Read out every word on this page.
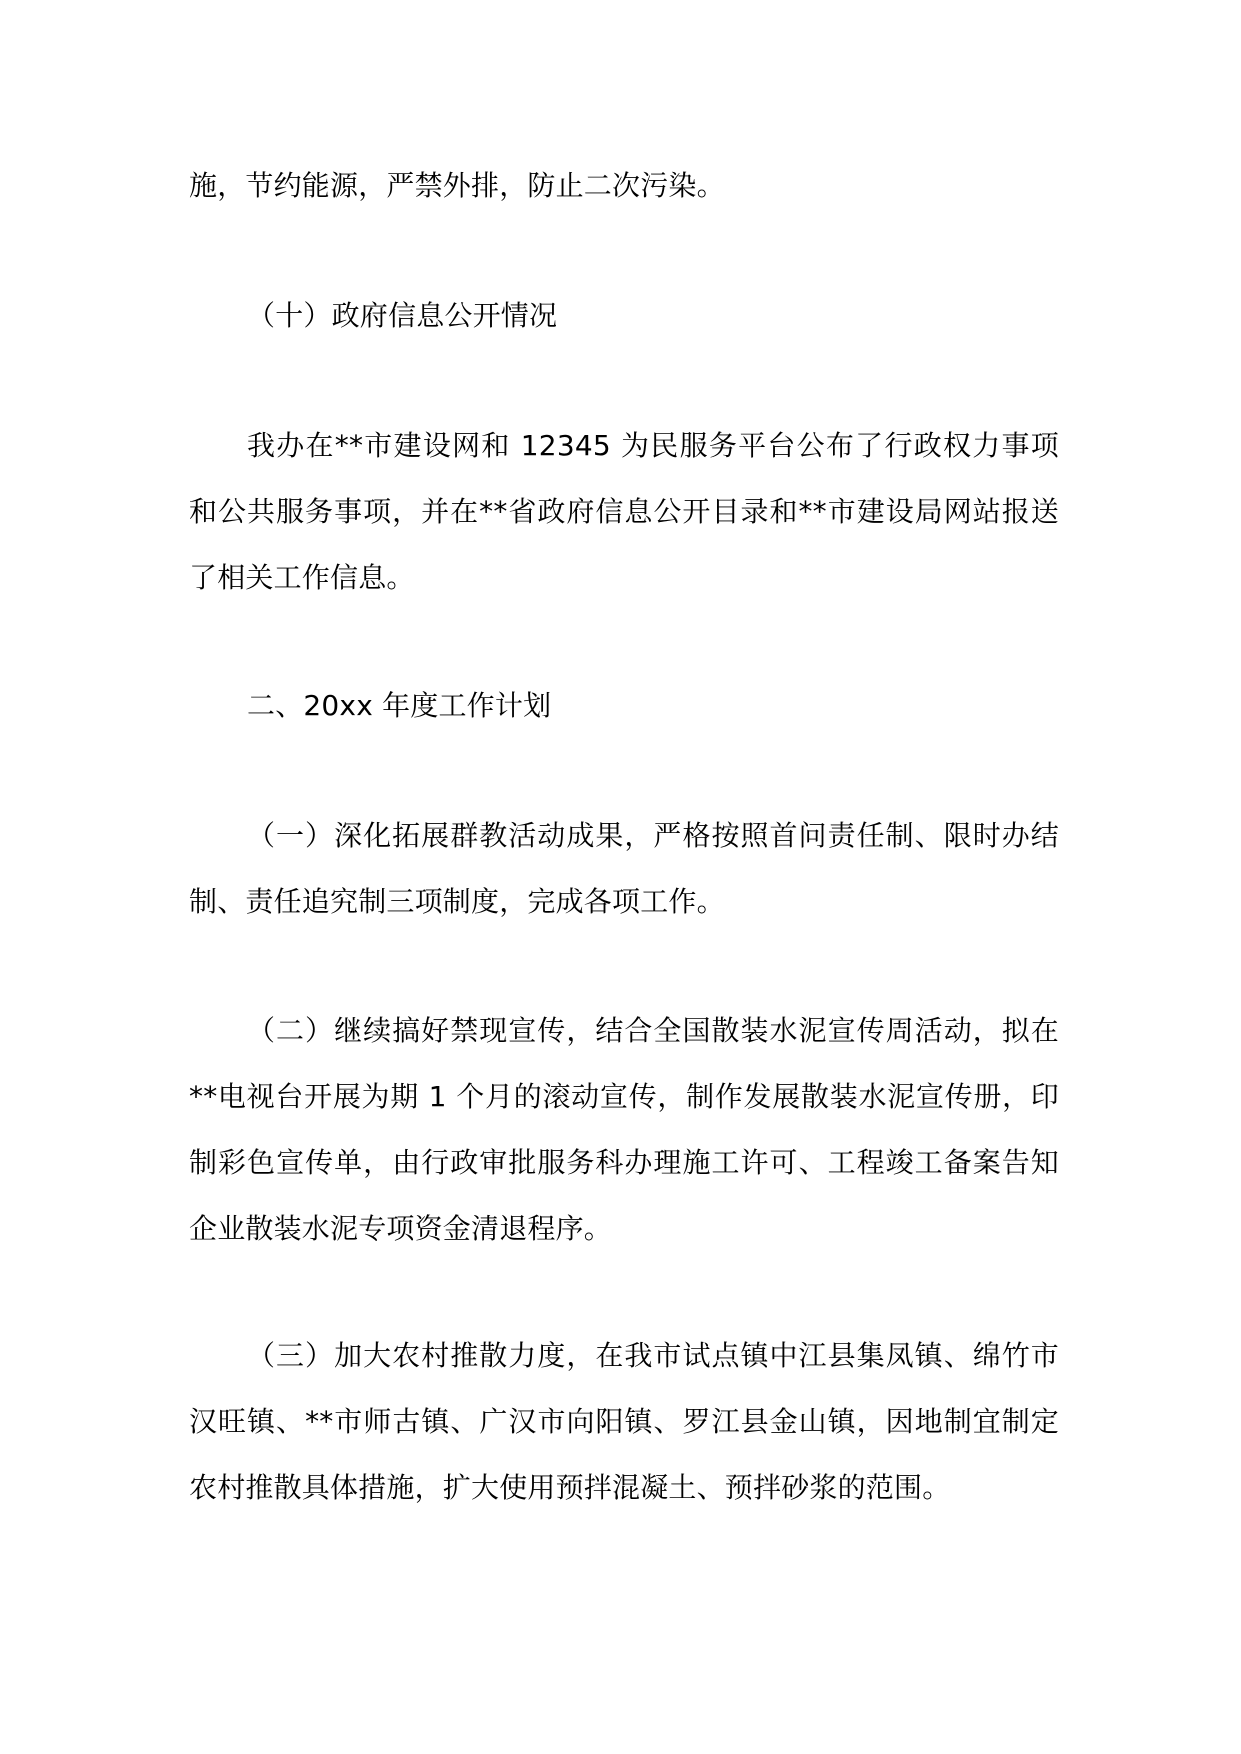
施，节约能源，严禁外排，防止二次污染。

（十）政府信息公开情况

我办在**市建设网和 12345 为民服务平台公布了行政权力事项和公共服务事项，并在**省政府信息公开目录和**市建设局网站报送了相关工作信息。

二、20xx 年度工作计划

（一）深化拓展群教活动成果，严格按照首问责任制、限时办结制、责任追究制三项制度，完成各项工作。

（二）继续搞好禁现宣传，结合全国散装水泥宣传周活动，拟在**电视台开展为期 1 个月的滚动宣传，制作发展散装水泥宣传册，印制彩色宣传单，由行政审批服务科办理施工许可、工程竣工备案告知企业散装水泥专项资金清退程序。

（三）加大农村推散力度，在我市试点镇中江县集凤镇、绵竹市汉旺镇、**市师古镇、广汉市向阳镇、罗江县金山镇，因地制宜制定农村推散具体措施，扩大使用预拌混凝土、预拌砂浆的范围。
